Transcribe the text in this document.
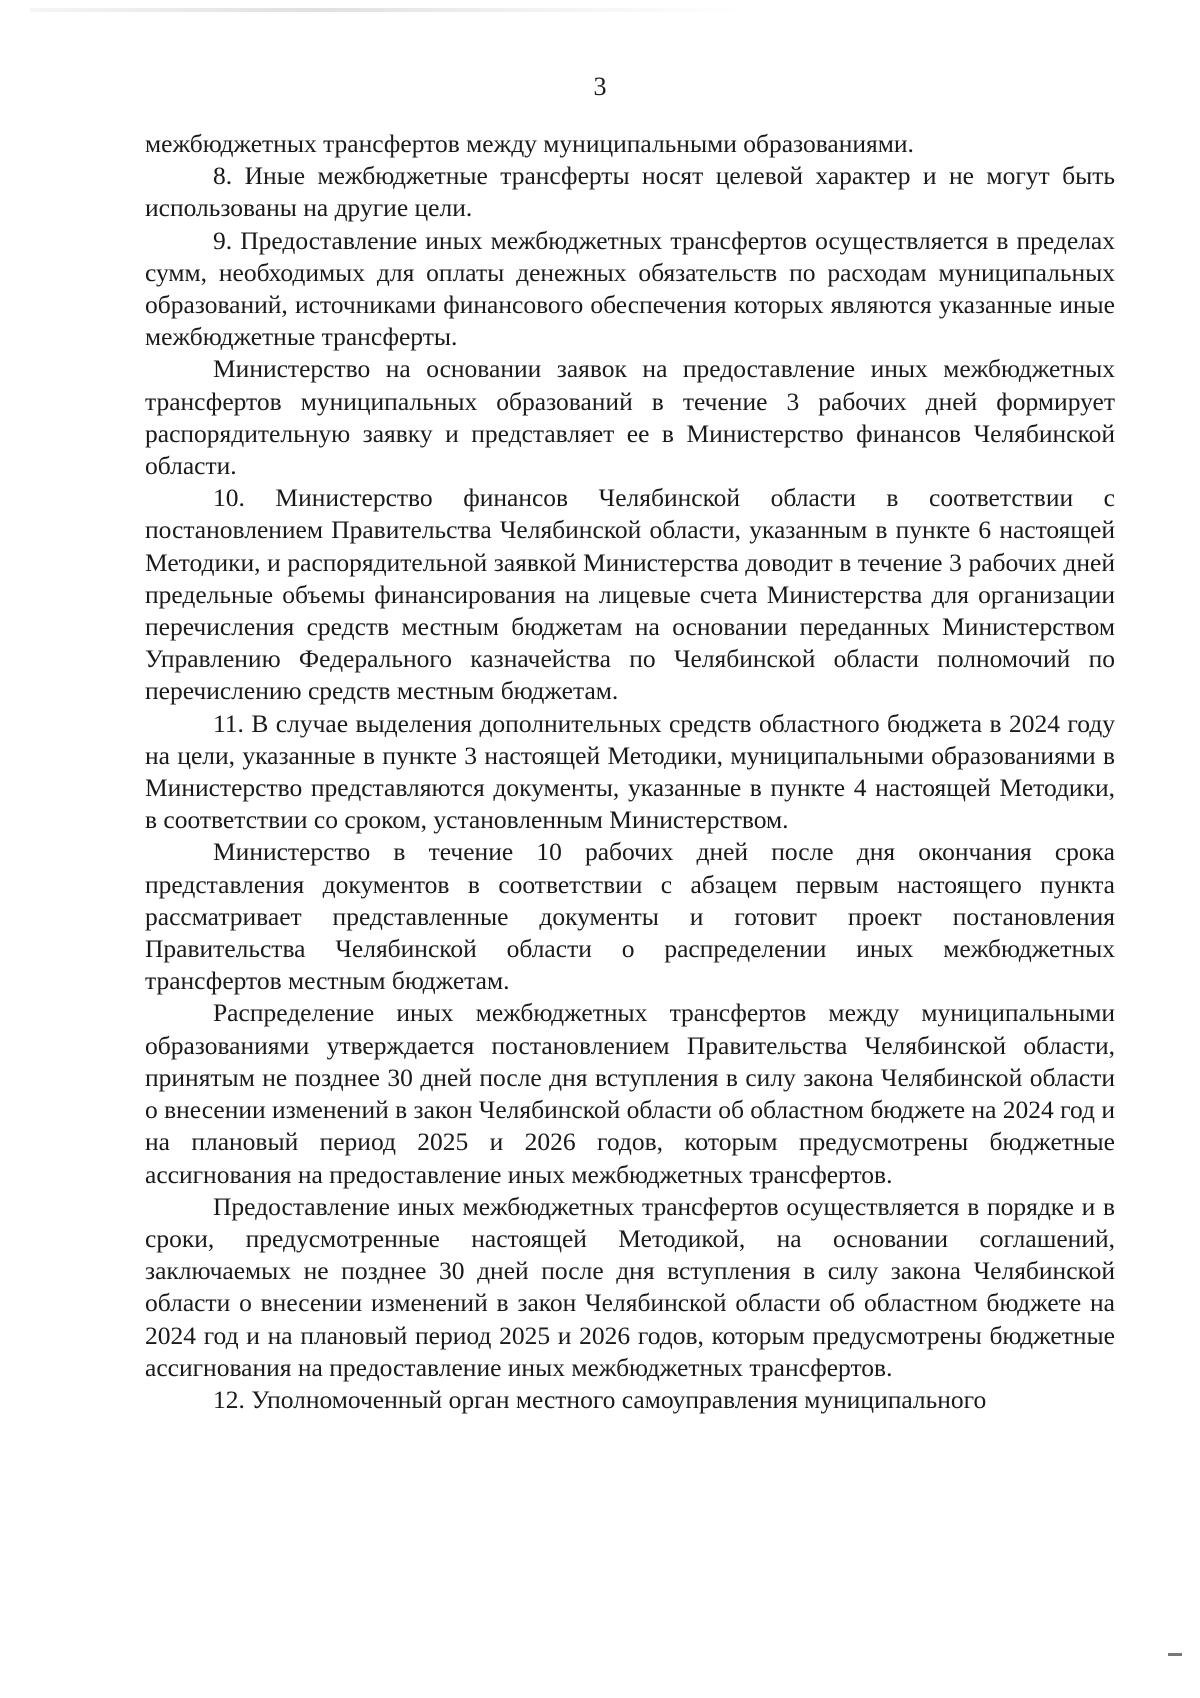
3

межбюджетных трансфертов между муниципальными образованиями.

8. Иные межбюджетные трансферты носят целевой характер и не могут быть использованы на другие цели.

9. Предоставление иных межбюджетных трансфертов осуществляется в пределах сумм, необходимых для оплаты денежных обязательств по расходам муниципальных образований, источниками финансового обеспечения которых являются указанные иные межбюджетные трансферты.

Министерство на основании заявок на предоставление иных межбюджетных трансфертов муниципальных образований в течение 3 рабочих дней формирует распорядительную заявку и представляет ее в Министерство финансов Челябинской области.

10. Министерство финансов Челябинской области в соответствии с постановлением Правительства Челябинской области, указанным в пункте 6 настоящей Методики, и распорядительной заявкой Министерства доводит в течение 3 рабочих дней предельные объемы финансирования на лицевые счета Министерства для организации перечисления средств местным бюджетам на основании переданных Министерством Управлению Федерального казначейства по Челябинской области полномочий по перечислению средств местным бюджетам.

11. В случае выделения дополнительных средств областного бюджета в 2024 году на цели, указанные в пункте 3 настоящей Методики, муниципальными образованиями в Министерство представляются документы, указанные в пункте 4 настоящей Методики, в соответствии со сроком, установленным Министерством.

Министерство в течение 10 рабочих дней после дня окончания срока представления документов в соответствии с абзацем первым настоящего пункта рассматривает представленные документы и готовит проект постановления Правительства Челябинской области о распределении иных межбюджетных трансфертов местным бюджетам.

Распределение иных межбюджетных трансфертов между муниципальными образованиями утверждается постановлением Правительства Челябинской области, принятым не позднее 30 дней после дня вступления в силу закона Челябинской области о внесении изменений в закон Челябинской области об областном бюджете на 2024 год и на плановый период 2025 и 2026 годов, которым предусмотрены бюджетные ассигнования на предоставление иных межбюджетных трансфертов.

Предоставление иных межбюджетных трансфертов осуществляется в порядке и в сроки, предусмотренные настоящей Методикой, на основании соглашений, заключаемых не позднее 30 дней после дня вступления в силу закона Челябинской области о внесении изменений в закон Челябинской области об областном бюджете на 2024 год и на плановый период 2025 и 2026 годов, которым предусмотрены бюджетные ассигнования на предоставление иных межбюджетных трансфертов.

12. Уполномоченный орган местного самоуправления муниципального
